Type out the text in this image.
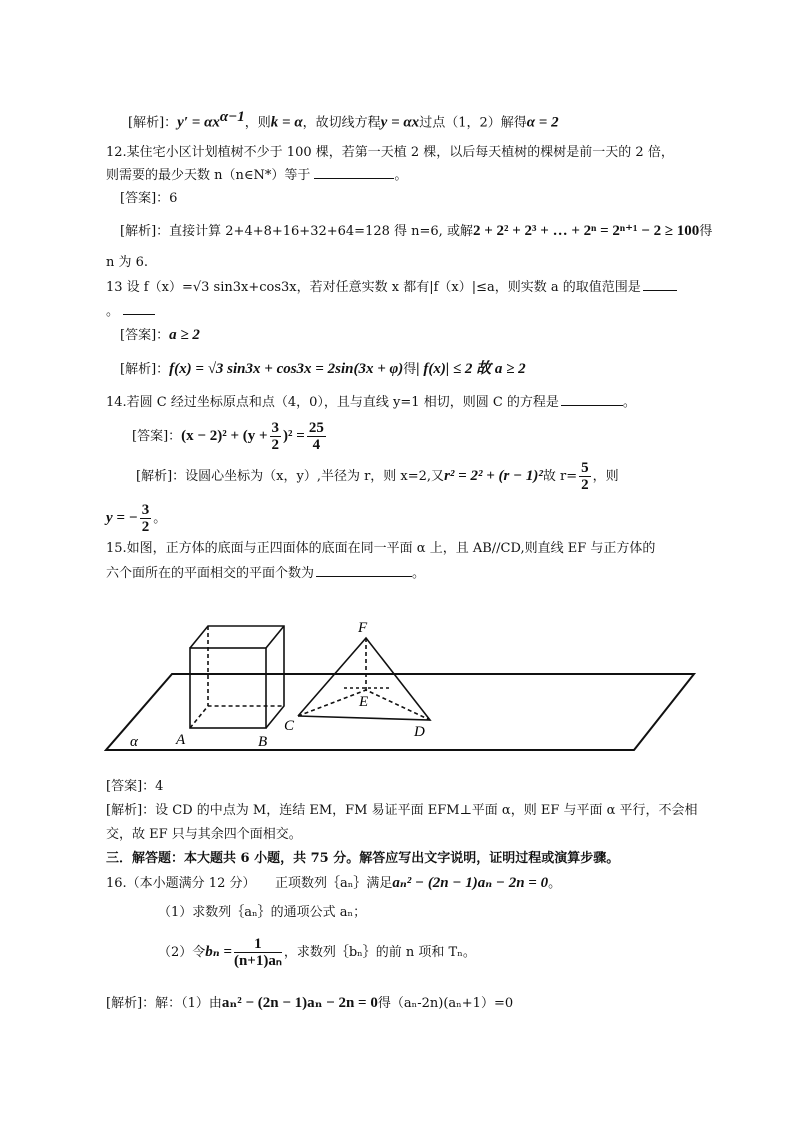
[解析]：$y' = \alpha x^{\alpha-1}$，则k = α，故切线方程y = αx过点（1，2）解得α = 2
12.某住宅小区计划植树不少于 100 棵，若第一天植 2 棵，以后每天植树的棵树是前一天的 2 倍，
则需要的最少天数 n（n∈N*）等于	。
[答案]：6
[解析]：直接计算 2+4+8+16+32+64=128 得 n=6, 或解2 + 2² + 2³ + … + 2ⁿ = 2ⁿ⁺¹ − 2 ≥ 100得
n 为 6.
13 设 f（x）=√3 sin3x+cos3x，若对任意实数 x 都有|f（x）|≤a，则实数 a 的取值范围是
。
[答案]：a ≥ 2
[解析]：f(x) = √3 sin3x + cos3x = 2sin(3x + φ)得| f(x)| ≤ 2 故 a ≥ 2
14.若圆 C 经过坐标原点和点（4，0），且与直线 y=1 相切，则圆 C 的方程是	。
[答案]：$(x - 2)^2 + (y + \frac{3}{2} )^2 = \frac{25}{4}$
[解析]：设圆心坐标为（x，y）,半径为 r，则 x=2,又r² = 2² + (r − 1)²故 $r= \frac{5}{2}$ ，则
y = − $\frac{3}{2}$ 。
15.如图，正方体的底面与正四面体的底面在同一平面 α 上，且 AB//CD,则直线 EF 与正方体的
六个面所在的平面相交的平面个数为	。
F
E
C	D
A	B
α
[答案]：4
[解析]：设 CD 的中点为 M，连结 EM，FM 易证平面 EFM⊥平面 α，则 EF 与平面 α 平行，不会相
交，故 EF 只与其余四个面相交。
三．解答题：本大题共 6 小题，共 75 分。解答应写出文字说明，证明过程或演算步骤。
16.（本小题满分 12 分）　　正项数列｛aₙ｝满足aₙ² − (2n − 1)aₙ − 2n = 0。
（1）求数列｛aₙ｝的通项公式 aₙ；
（2）令$b_n = \frac{1}{\text{(n+1)aₙ}}$ ，求数列｛bₙ｝的前 n 项和 Tₙ。
[解析]：解：（1）由aₙ² − (2n − 1)aₙ − 2n = 0得（aₙ-2n)(aₙ+1）=0
